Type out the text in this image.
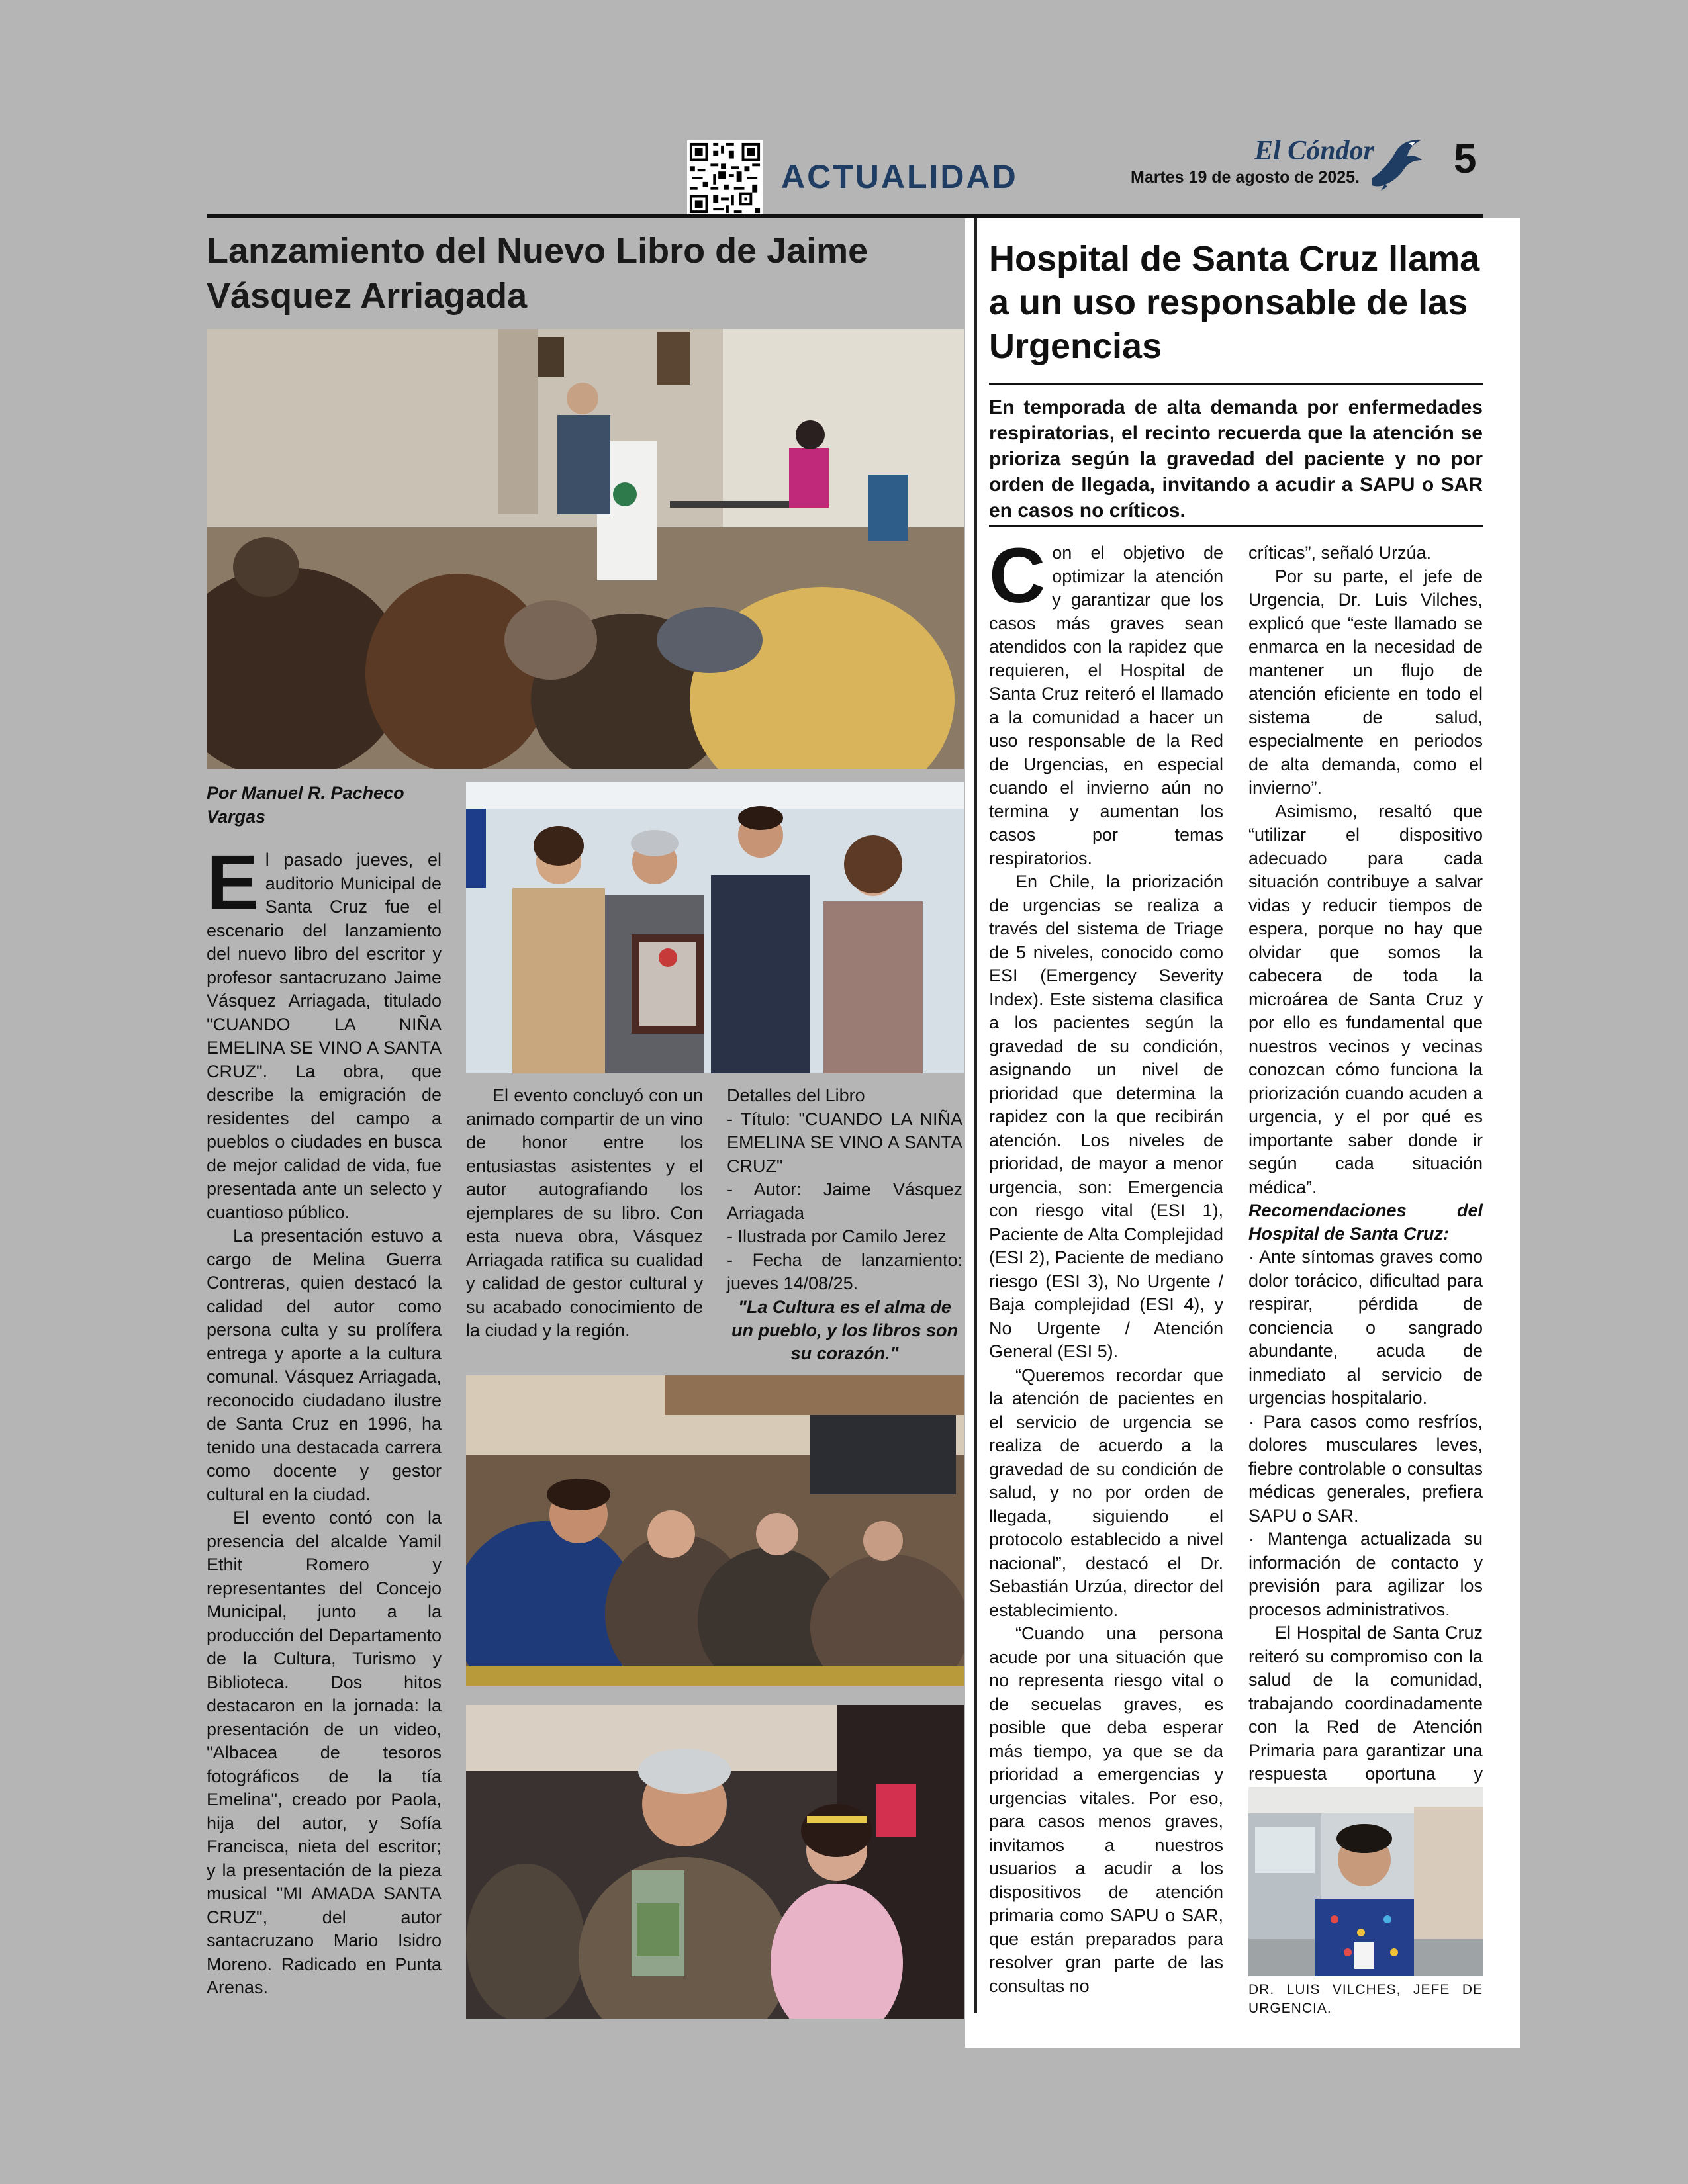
ACTUALIDAD
El Cóndor
Martes 19 de agosto de 2025. 5
Lanzamiento del Nuevo Libro de Jaime Vásquez Arriagada
Por Manuel R. Pacheco Vargas

El pasado jueves, el auditorio Municipal de Santa Cruz fue el escenario del lanzamiento del nuevo libro del escritor y profesor santacruzano Jaime Vásquez Arriagada, titulado "CUANDO LA NIÑA EMELINA SE VINO A SANTA CRUZ". La obra, que describe la emigración de residentes del campo a pueblos o ciudades en busca de mejor calidad de vida, fue presentada ante un selecto y cuantioso público.

La presentación estuvo a cargo de Melina Guerra Contreras, quien destacó la calidad del autor como persona culta y su prolífera entrega y aporte a la cultura comunal. Vásquez Arriagada, reconocido ciudadano ilustre de Santa Cruz en 1996, ha tenido una destacada carrera como docente y gestor cultural en la ciudad.

El evento contó con la presencia del alcalde Yamil Ethit Romero y representantes del Concejo Municipal, junto a la producción del Departamento de la Cultura, Turismo y Biblioteca. Dos hitos destacaron en la jornada: la presentación de un video, "Albacea de tesoros fotográficos de la tía Emelina", creado por Paola, hija del autor, y Sofía Francisca, nieta del escritor; y la presentación de la pieza musical "MI AMADA SANTA CRUZ", del autor santacruzano Mario Isidro Moreno. Radicado en Punta Arenas.

El evento concluyó con un animado compartir de un vino de honor entre los entusiastas asistentes y el autor autografiando los ejemplares de su libro. Con esta nueva obra, Vásquez Arriagada ratifica su cualidad y calidad de gestor cultural y su acabado conocimiento de la ciudad y la región.

Detalles del Libro

- Título: "CUANDO LA NIÑA EMELINA SE VINO A SANTA CRUZ"

- Autor: Jaime Vásquez Arriagada

- Ilustrada por Camilo Jerez

- Fecha de lanzamiento: jueves 14/08/25.

"La Cultura es el alma de un pueblo, y los libros son su corazón."

Hospital de Santa Cruz llama a un uso responsable de las Urgencias
En temporada de alta demanda por enfermedades respiratorias, el recinto recuerda que la atención se prioriza según la gravedad del paciente y no por orden de llegada, invitando a acudir a SAPU o SAR en casos no críticos.

Con el objetivo de optimizar la atención y garantizar que los casos más graves sean atendidos con la rapidez que requieren, el Hospital de Santa Cruz reiteró el llamado a la comunidad a hacer un uso responsable de la Red de Urgencias, en especial cuando el invierno aún no termina y aumentan los casos por temas respiratorios.

En Chile, la priorización de urgencias se realiza a través del sistema de Triage de 5 niveles, conocido como ESI (Emergency Severity Index). Este sistema clasifica a los pacientes según la gravedad de su condición, asignando un nivel de prioridad que determina la rapidez con la que recibirán atención. Los niveles de prioridad, de mayor a menor urgencia, son: Emergencia con riesgo vital (ESI 1), Paciente de Alta Complejidad (ESI 2), Paciente de mediano riesgo (ESI 3), No Urgente / Baja complejidad (ESI 4), y No Urgente / Atención General (ESI 5).

“Queremos recordar que la atención de pacientes en el servicio de urgencia se realiza de acuerdo a la gravedad de su condición de salud, y no por orden de llegada, siguiendo el protocolo establecido a nivel nacional”, destacó el Dr. Sebastián Urzúa, director del establecimiento.

“Cuando una persona acude por una situación que no representa riesgo vital o de secuelas graves, es posible que deba esperar más tiempo, ya que se da prioridad a emergencias y urgencias vitales. Por eso, para casos menos graves, invitamos a nuestros usuarios a acudir a los dispositivos de atención primaria como SAPU o SAR, que están preparados para resolver gran parte de las consultas no

críticas”, señaló Urzúa.

Por su parte, el jefe de Urgencia, Dr. Luis Vilches, explicó que “este llamado se enmarca en la necesidad de mantener un flujo de atención eficiente en todo el sistema de salud, especialmente en periodos de alta demanda, como el invierno”.

Asimismo, resaltó que “utilizar el dispositivo adecuado para cada situación contribuye a salvar vidas y reducir tiempos de espera, porque no hay que olvidar que somos la cabecera de toda la microárea de Santa Cruz y por ello es fundamental que nuestros vecinos y vecinas conozcan cómo funciona la priorización cuando acuden a urgencia, y el por qué es importante saber donde ir según cada situación médica”.

Recomendaciones del Hospital de Santa Cruz:

· Ante síntomas graves como dolor torácico, dificultad para respirar, pérdida de conciencia o sangrado abundante, acuda de inmediato al servicio de urgencias hospitalario.

· Para casos como resfríos, dolores musculares leves, fiebre controlable o consultas médicas generales, prefiera SAPU o SAR.

· Mantenga actualizada su información de contacto y previsión para agilizar los procesos administrativos.

El Hospital de Santa Cruz reiteró su compromiso con la salud de la comunidad, trabajando coordinadamente con la Red de Atención Primaria para garantizar una respuesta oportuna y

DR. LUIS VILCHES, JEFE DE URGENCIA.
